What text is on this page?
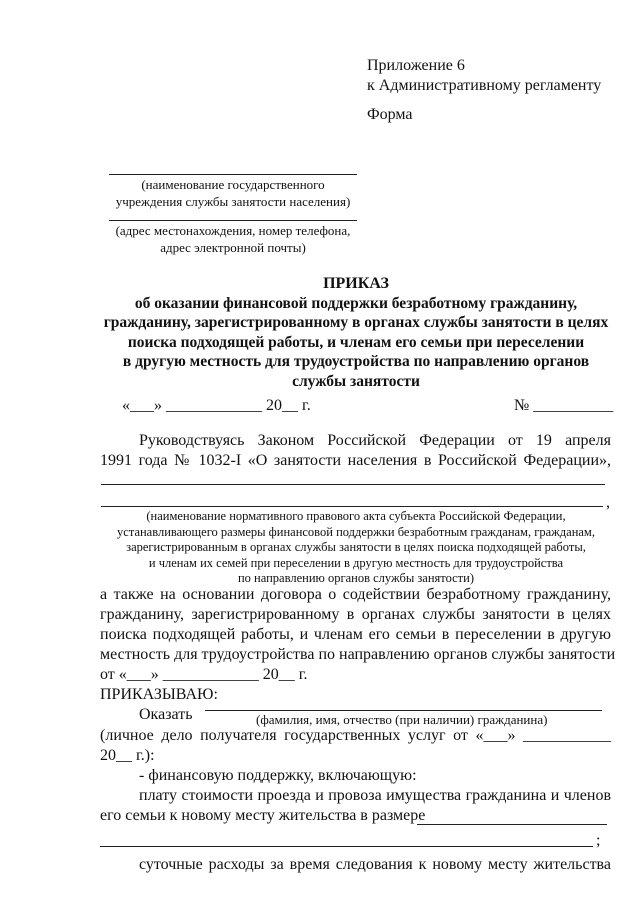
Приложение 6
к Административному регламенту
Форма
(наименование государственного
учреждения службы занятости населения)
(адрес местонахождения, номер телефона,
адрес электронной почты)
ПРИКАЗ
об оказании финансовой поддержки безработному гражданину,
гражданину, зарегистрированному в органах службы занятости в целях
поиска подходящей работы, и членам его семьи при переселении
в другую местность для трудоустройства по направлению органов
службы занятости
«___» ____________ 20__ г.	№ __________
Руководствуясь Законом Российской Федерации от 19 апреля
1991 года № 1032-I «О занятости населения в Российской Федерации»,
,
(наименование нормативного правового акта субъекта Российской Федерации,
устанавливающего размеры финансовой поддержки безработным гражданам, гражданам,
зарегистрированным в органах службы занятости в целях поиска подходящей работы,
и членам их семей при переселении в другую местность для трудоустройства
по направлению органов службы занятости)
а также на основании договора о содействии безработному гражданину,
гражданину, зарегистрированному в органах службы занятости в целях
поиска подходящей работы, и членам его семьи в переселении в другую
местность для трудоустройства по направлению органов службы занятости
от «___» ____________ 20__ г.
ПРИКАЗЫВАЮ:
Оказать	(фамилия, имя, отчество (при наличии) гражданина)
(личное дело получателя государственных услуг от «___» ___________
20__ г.):
- финансовую поддержку, включающую:
плату стоимости проезда и провоза имущества гражданина и членов
его семьи к новому месту жительства в размере
;
суточные расходы за время следования к новому месту жительства
